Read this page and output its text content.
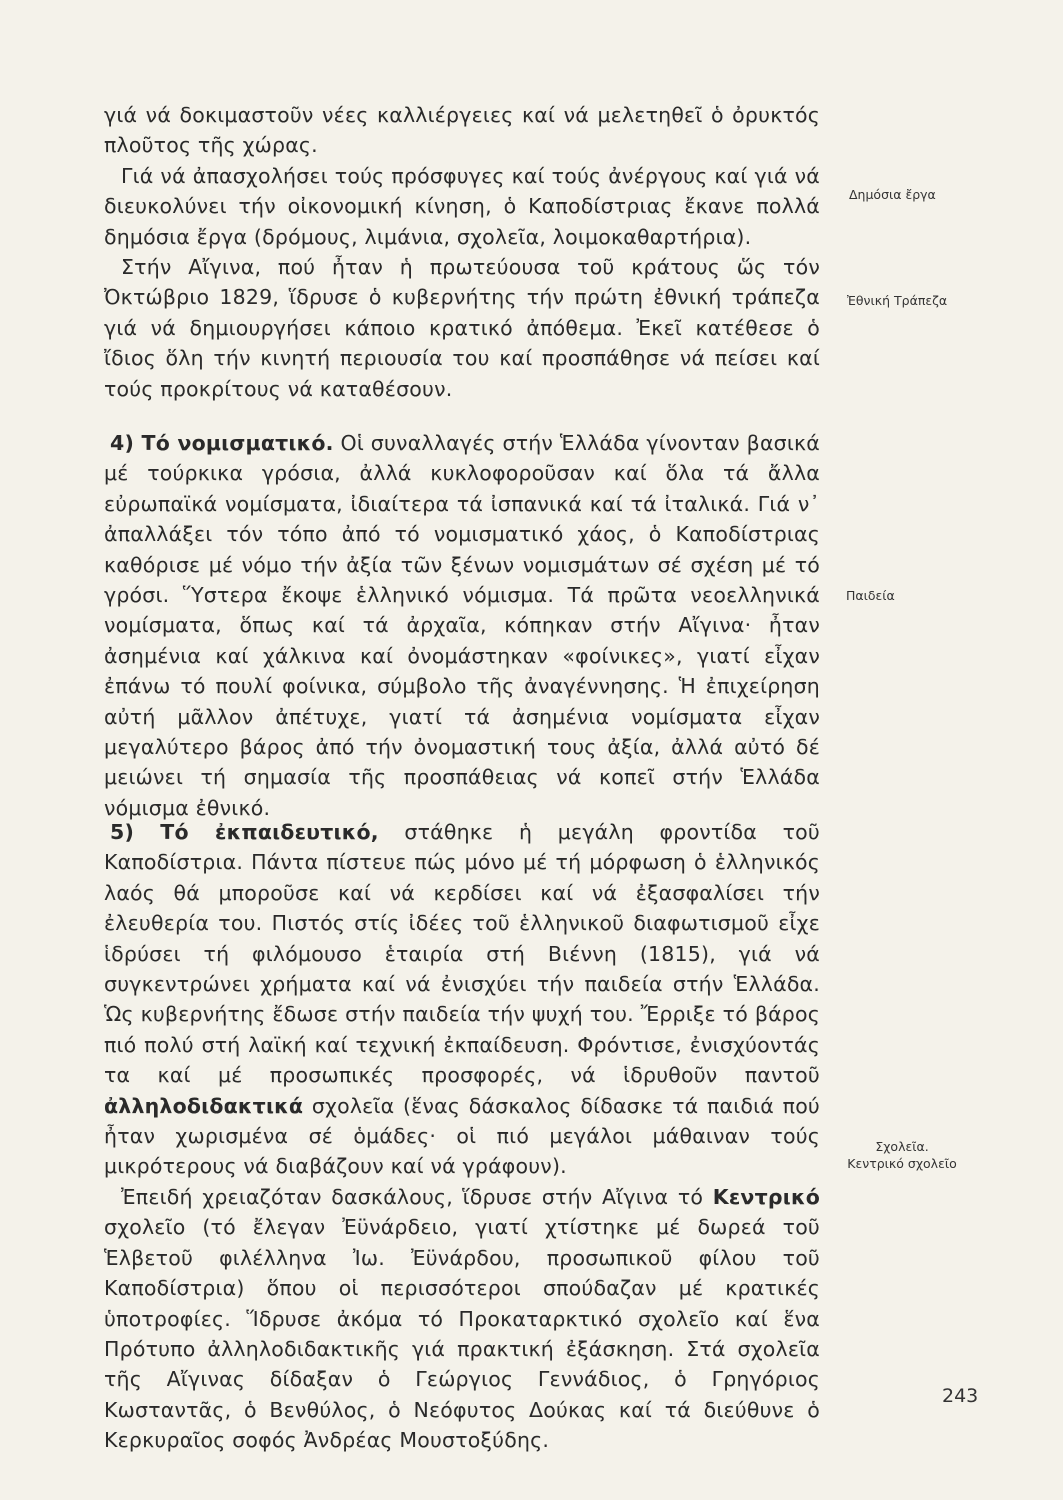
γιά νά δοκιμαστοῦν νέες καλλιέργειες καί νά μελετηθεῖ ὁ ὀρυκτός πλοῦτος τῆς χώρας.

Γιά νά ἀπασχολήσει τούς πρόσφυγες καί τούς ἀνέργους καί γιά νά διευκολύνει τήν οἰκονομική κίνηση, ὁ Καποδίστριας ἔκανε πολλά δημόσια ἔργα (δρόμους, λιμάνια, σχολεῖα, λοιμοκαθαρτήρια).

Στήν Αἴγινα, πού ἦταν ἡ πρωτεύουσα τοῦ κράτους ὥς τόν Ὀκτώβριο 1829, ἵδρυσε ὁ κυβερνήτης τήν πρώτη ἐθνική τράπεζα γιά νά δημιουργήσει κάποιο κρατικό ἀπόθεμα. Ἐκεῖ κατέθεσε ὁ ἴδιος ὅλη τήν κινητή περιουσία του καί προσπάθησε νά πείσει καί τούς προκρίτους νά καταθέσουν.

4) Τό νομισματικό. Οἱ συναλλαγές στήν Ἑλλάδα γίνονταν βασικά μέ τούρκικα γρόσια, ἀλλά κυκλοφοροῦσαν καί ὅλα τά ἄλλα εὐρωπαϊκά νομίσματα, ἰδιαίτερα τά ἰσπανικά καί τά ἰταλικά. Γιά ν᾽ ἀπαλλάξει τόν τόπο ἀπό τό νομισματικό χάος, ὁ Καποδίστριας καθόρισε μέ νόμο τήν ἀξία τῶν ξένων νομισμάτων σέ σχέση μέ τό γρόσι. Ὕστερα ἔκοψε ἑλληνικό νόμισμα. Τά πρῶτα νεοελληνικά νομίσματα, ὅπως καί τά ἀρχαῖα, κόπηκαν στήν Αἴγινα· ἦταν ἀσημένια καί χάλκινα καί ὀνομάστηκαν «φοίνικες», γιατί εἶχαν ἐπάνω τό πουλί φοίνικα, σύμβολο τῆς ἀναγέννησης. Ἡ ἐπιχείρηση αὐτή μᾶλλον ἀπέτυχε, γιατί τά ἀσημένια νομίσματα εἶχαν μεγαλύτερο βάρος ἀπό τήν ὀνομαστική τους ἀξία, ἀλλά αὐτό δέ μειώνει τή σημασία τῆς προσπάθειας νά κοπεῖ στήν Ἑλλάδα νόμισμα ἐθνικό.

5) Τό ἐκπαιδευτικό, στάθηκε ἡ μεγάλη φροντίδα τοῦ Καποδίστρια. Πάντα πίστευε πώς μόνο μέ τή μόρφωση ὁ ἑλληνικός λαός θά μποροῦσε καί νά κερδίσει καί νά ἐξασφαλίσει τήν ἐλευθερία του. Πιστός στίς ἰδέες τοῦ ἑλληνικοῦ διαφωτισμοῦ εἶχε ἱδρύσει τή φιλόμουσο ἑταιρία στή Βιέννη (1815), γιά νά συγκεντρώνει χρήματα καί νά ἐνισχύει τήν παιδεία στήν Ἑλλάδα. Ὡς κυβερνήτης ἔδωσε στήν παιδεία τήν ψυχή του. Ἔρριξε τό βάρος πιό πολύ στή λαϊκή καί τεχνική ἐκπαίδευση. Φρόντισε, ἐνισχύοντάς τα καί μέ προσωπικές προσφορές, νά ἱδρυθοῦν παντοῦ ἀλληλοδιδακτικά σχολεῖα (ἕνας δάσκαλος δίδασκε τά παιδιά πού ἦταν χωρισμένα σέ ὁμάδες· οἱ πιό μεγάλοι μάθαιναν τούς μικρότερους νά διαβάζουν καί νά γράφουν).

Ἐπειδή χρειαζόταν δασκάλους, ἵδρυσε στήν Αἴγινα τό Κεντρικό σχολεῖο (τό ἔλεγαν Ἐϋνάρδειο, γιατί χτίστηκε μέ δωρεά τοῦ Ἑλβετοῦ φιλέλληνα Ἰω. Ἐϋνάρδου, προσωπικοῦ φίλου τοῦ Καποδίστρια) ὅπου οἱ περισσότεροι σπούδαζαν μέ κρατικές ὑποτροφίες. Ἵδρυσε ἀκόμα τό Προκαταρκτικό σχολεῖο καί ἕνα Πρότυπο ἀλληλοδιδακτικῆς γιά πρακτική ἐξάσκηση. Στά σχολεῖα τῆς Αἴγινας δίδαξαν ὁ Γεώργιος Γεννάδιος, ὁ Γρηγόριος Κωσταντᾶς, ὁ Βενθύλος, ὁ Νεόφυτος Δούκας καί τά διεύθυνε ὁ Κερκυραῖος σοφός Ἀνδρέας Μουστοξύδης.

Δημόσια ἔργα
Ἐθνική Τράπεζα
Παιδεία
Σχολεῖα.
Κεντρικό σχολεῖο
243
